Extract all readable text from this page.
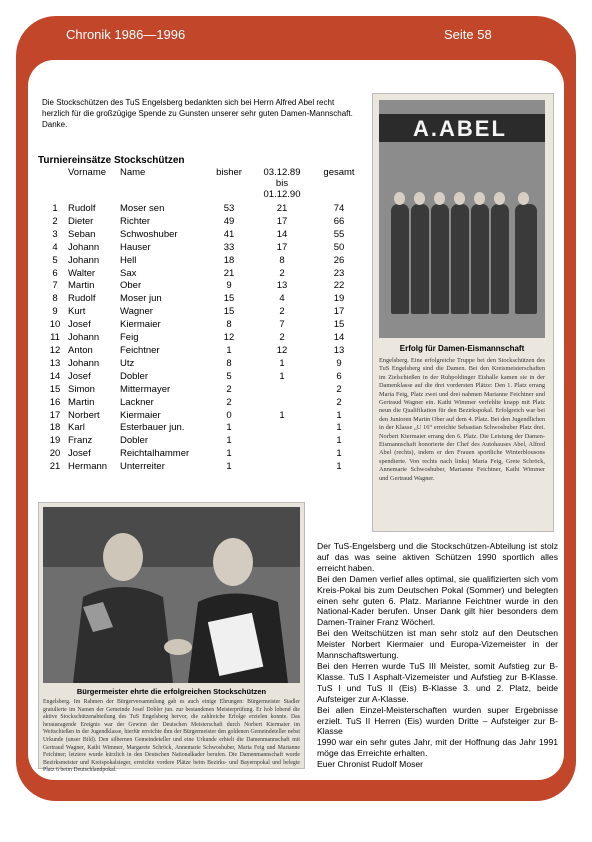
Chronik 1986—1996	Seite 58
Die Stockschützen des TuS Engelsberg bedankten sich bei Herrn Alfred Abel recht herzlich für die großzügige Spende zu Gunsten unserer sehr guten Damen-Mannschaft. Danke.
Turniereinsätze Stockschützen
	Vorname	Name	bisher	03.12.89
bis
01.12.90	gesamt
1	Rudolf	Moser sen	53	21	74
2	Dieter	Richter	49	17	66
3	Seban	Schwoshuber	41	14	55
4	Johann	Hauser	33	17	50
5	Johann	Hell	18	8	26
6	Walter	Sax	21	2	23
7	Martin	Ober	9	13	22
8	Rudolf	Moser jun	15	4	19
9	Kurt	Wagner	15	2	17
10	Josef	Kiermaier	8	7	15
11	Johann	Feig	12	2	14
12	Anton	Feichtner	1	12	13
13	Johann	Utz	8	1	9
14	Josef	Dobler	5	1	6
15	Simon	Mittermayer	2		2
16	Martin	Lackner	2		2
17	Norbert	Kiermaier	0	1	1
18	Karl	Esterbauer jun.	1		1
19	Franz	Dobler	1		1
20	Josef	Reichtalhammer	1		1
21	Hermann	Unterreiter	1		1
A.ABEL
Erfolg für Damen-Eismannschaft
Engelsberg. Eine erfolgreiche Truppe bei den Stockschützen des TuS Engelsberg sind die Damen. Bei den Kreismeisterschaften im Zielschießen in der Ruhpoldinger Eishalle kamen sie in der Damenklasse auf die drei vordersten Plätze: Den 1. Platz errang Maria Feig, Platz zwei und drei nahmen Marianne Feichtner und Gertraud Wagner ein. Kathi Wimmer verfehlte knapp mit Platz neun die Qualifikation für den Bezirkspokal. Erfolgreich war bei den Junioren Martin Ober auf dem 4. Platz. Bei den Jugendlichen in der Klasse „U 16“ erreichte Sebastian Schwoshuber Platz drei. Norbert Kiermaier errang den 6. Platz. Die Leistung der Damen-Eismannschaft honorierte der Chef des Autohauses Abel, Alfred Abel (rechts), indem er den Frauen sportliche Winterblousons spendierte. Von rechts nach links) Maria Feig, Grete Schröck, Annemarie Schwoshuber, Marianne Feichtner, Kathi Wimmer und Gertraud Wagner.
Bürgermeister ehrte die erfolgreichen Stockschützen
Engelsberg. Im Rahmen der Bürgerversammlung gab es auch einige Ehrungen: Bürgermeister Stadler gratulierte im Namen der Gemeinde Josef Dobler jun. zur bestandenen Meisterprüfung. Er hob lobend die aktive Stockschützenabteilung des TuS Engelsberg hervor, die zahlreiche Erfolge erzielen konnte. Das herausragende Ereignis war der Gewinn der Deutschen Meisterschaft durch Norbert Kiermaier im Weitschießen in der Jugendklasse, hierfür erreichte ihm der Bürgermeister den goldenen Gemeindeteller nebst Urkunde (unser Bild). Den silbernen Gemeindeteller und eine Urkunde erhielt die Damenmannschaft mit Gertraud Wagner, Kathi Wimmer, Margarete Schröck, Annemarie Schwoshuber, Maria Feig und Marianne Feichtner; letztere wurde kürzlich in den Deutschen Nationalkader berufen. Die Damenmannschaft wurde Bezirksmeister und Kreispokalsieger, erreichte vordere Plätze beim Bezirks- und Bayernpokal und belegte Platz 6 beim Deutschlandpokal.

Der TuS-Engelsberg und die Stockschützen-Abteilung ist stolz auf das was seine aktiven Schützen 1990 sportlich alles erreicht haben.

Bei den Damen verlief alles optimal, sie qualifizierten sich vom Kreis-Pokal bis zum Deutschen Pokal (Sommer) und belegten einen sehr guten 6. Platz. Marianne Feichtner wurde in den National-Kader berufen. Unser Dank gilt hier besonders dem Damen-Trainer Franz Wöcherl.

Bei den Weitschützen ist man sehr stolz auf den Deutschen Meister Norbert Kiermaier und Europa-Vizemeister in der Mannschaftswertung.

Bei den Herren wurde TuS III Meister, somit Aufstieg zur B-Klasse. TuS I Asphalt-Vizemeister und Aufstieg zur B-Klasse. TuS I und TuS II (Eis) B-Klasse 3. und 2. Platz, beide Aufsteiger zur A-Klasse.

Bei allen Einzel-Meisterschaften wurden super Ergebnisse erzielt. TuS II Herren (Eis) wurden Dritte – Aufsteiger zur B-Klasse

1990 war ein sehr gutes Jahr, mit der Hoffnung das Jahr 1991 möge das Erreichte erhalten.

Euer Chronist Rudolf Moser
